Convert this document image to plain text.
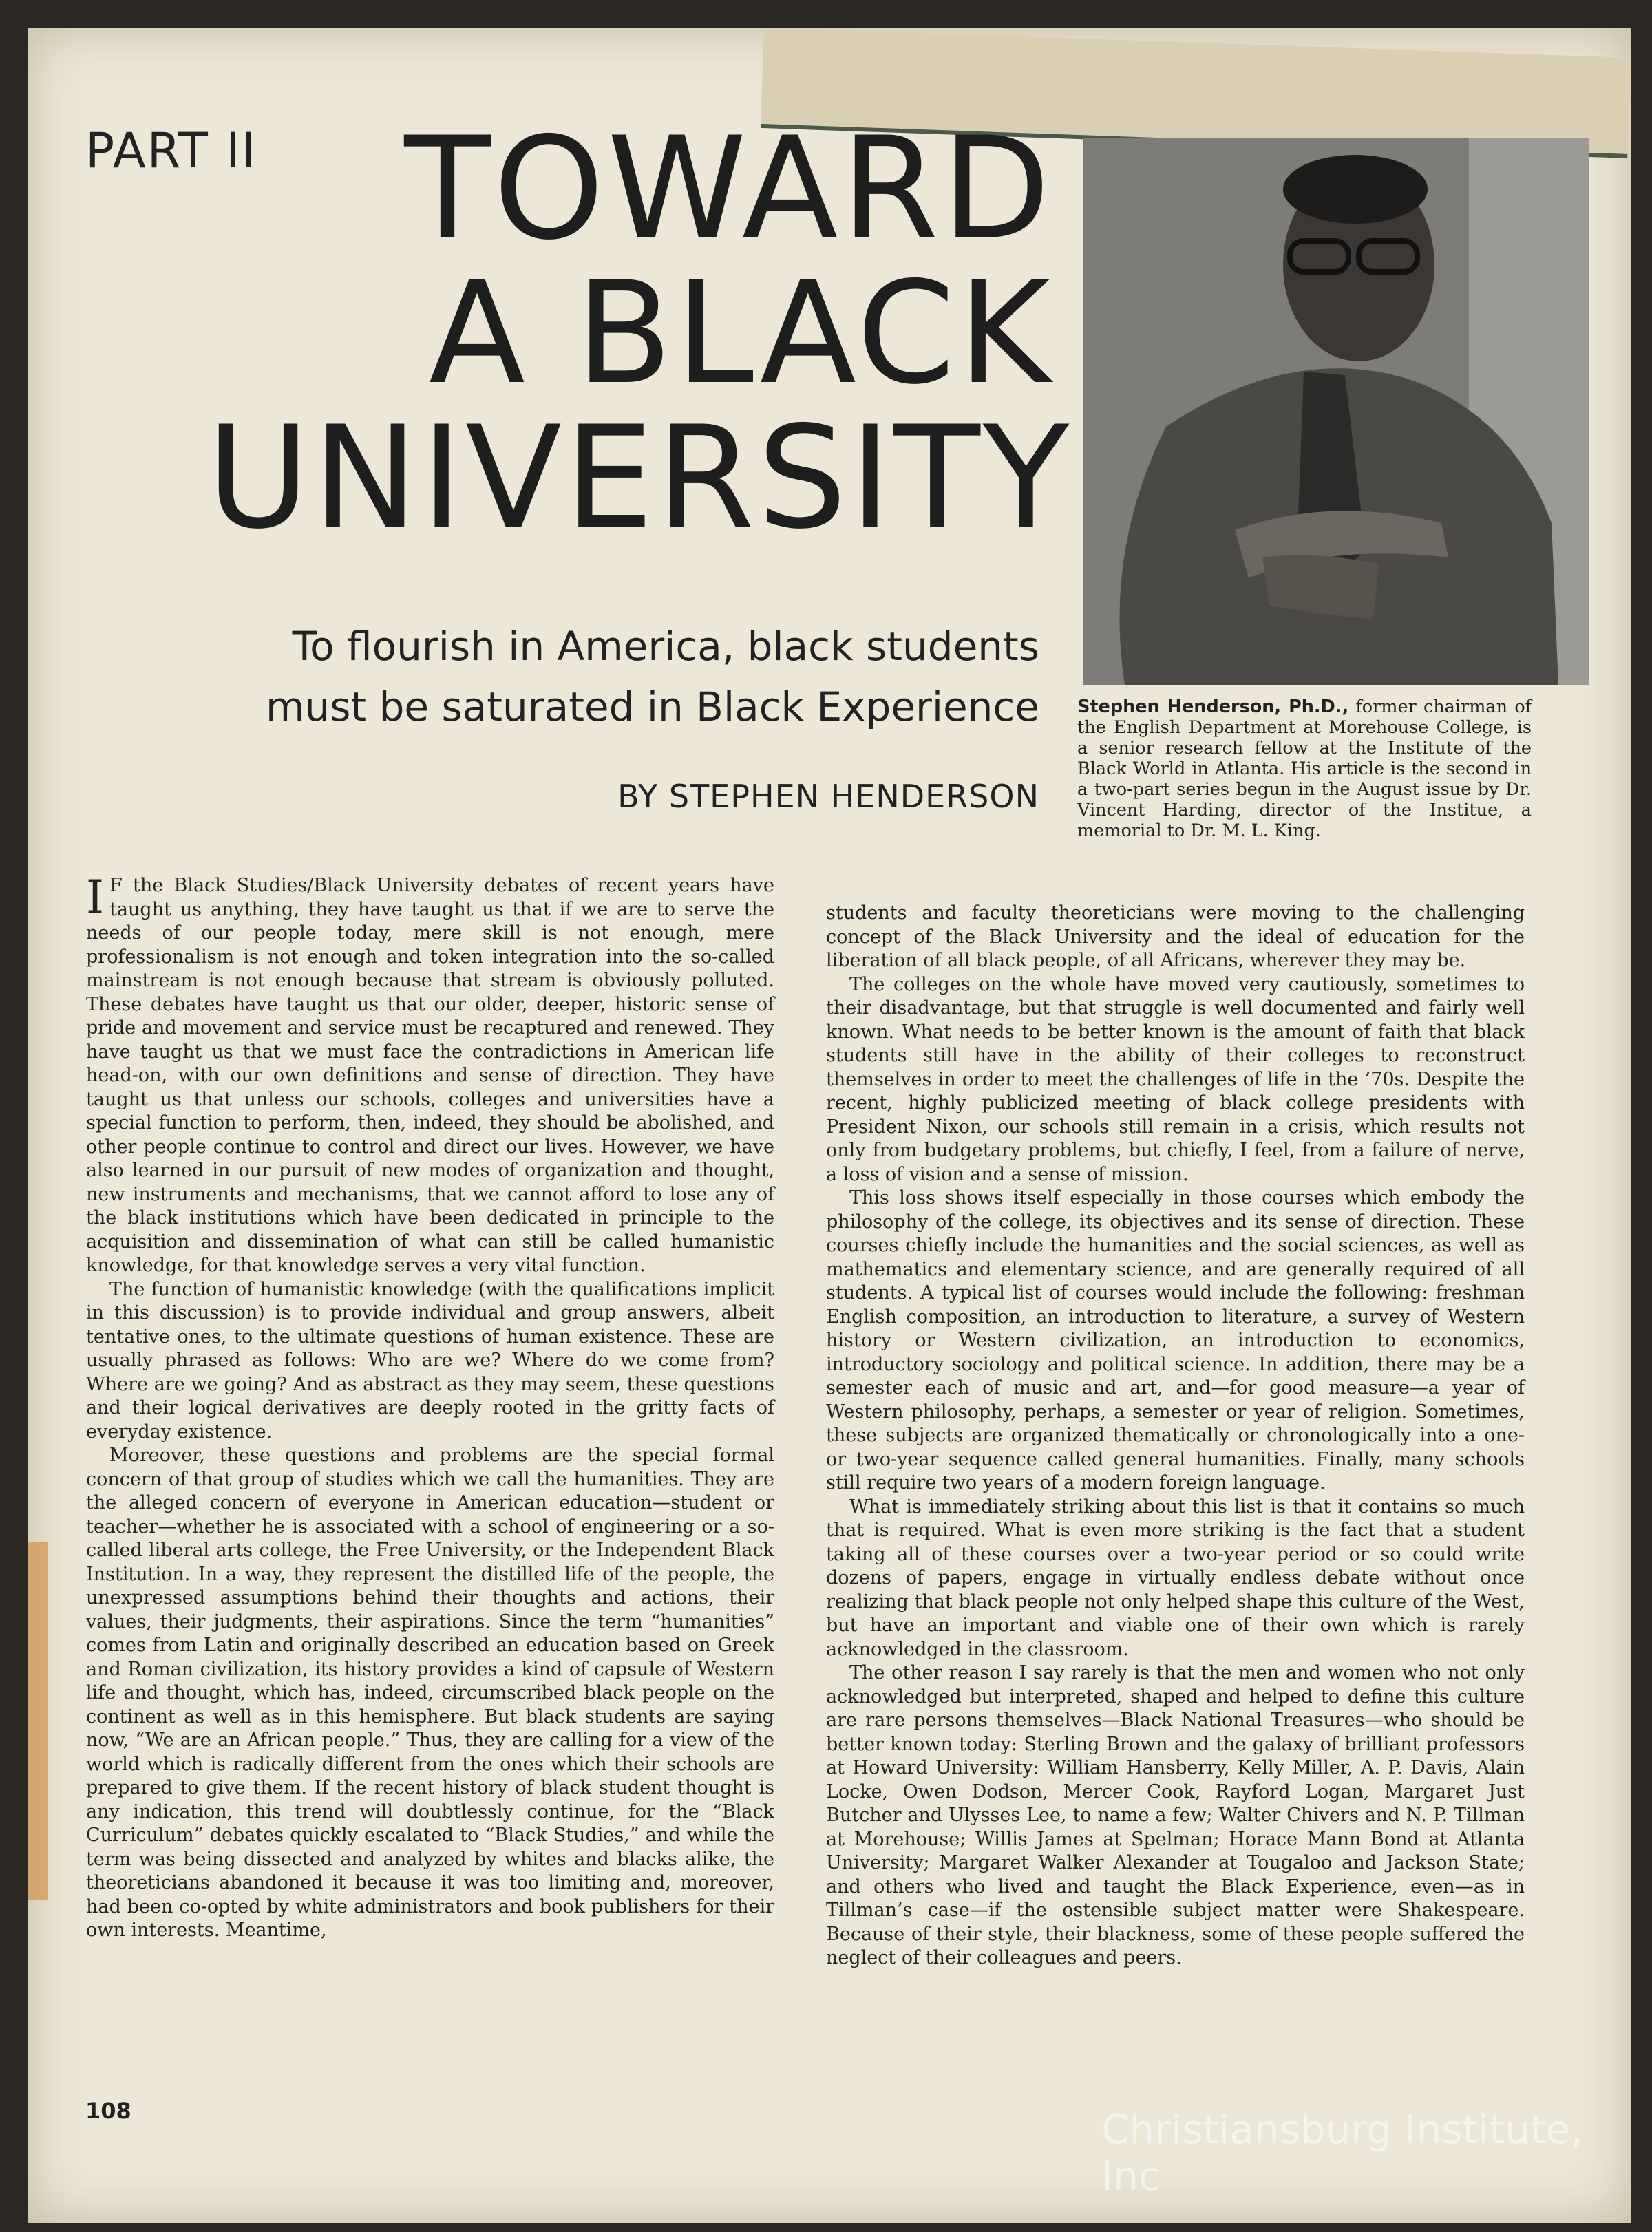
PART II	TOWARD
A BLACK
UNIVERSITY
To flourish in America, black students
must be saturated in Black Experience
BY STEPHEN HENDERSON
Stephen Henderson, Ph.D., former chairman of the English Department at Morehouse College, is a senior research fellow at the Institute of the Black World in Atlanta. His article is the second in a two-part series begun in the August issue by Dr. Vincent Harding, director of the Institue, a memorial to Dr. M. L. King.

I F the Black Studies/Black University debates of recent years have taught us anything, they have taught us that if we are to serve the needs of our people today, mere skill is not enough, mere professionalism is not enough and token integration into the so-called mainstream is not enough because that stream is obviously polluted. These debates have taught us that our older, deeper, historic sense of pride and movement and service must be recaptured and renewed. They have taught us that we must face the contradictions in American life head-on, with our own definitions and sense of direction. They have taught us that unless our schools, colleges and universities have a special function to perform, then, indeed, they should be abolished, and other people continue to control and direct our lives. However, we have also learned in our pursuit of new modes of organization and thought, new instruments and mechanisms, that we cannot afford to lose any of the black institutions which have been dedicated in principle to the acquisition and dissemination of what can still be called humanistic knowledge, for that knowledge serves a very vital function.

The function of humanistic knowledge (with the qualifications implicit in this discussion) is to provide individual and group answers, albeit tentative ones, to the ultimate questions of human existence. These are usually phrased as follows: Who are we? Where do we come from? Where are we going? And as abstract as they may seem, these questions and their logical derivatives are deeply rooted in the gritty facts of everyday existence.

Moreover, these questions and problems are the special formal concern of that group of studies which we call the humanities. They are the alleged concern of everyone in American education—student or teacher—whether he is associated with a school of engineering or a so-called liberal arts college, the Free University, or the Independent Black Institution. In a way, they represent the distilled life of the people, the unexpressed assumptions behind their thoughts and actions, their values, their judgments, their aspirations. Since the term “humanities” comes from Latin and originally described an education based on Greek and Roman civilization, its history provides a kind of capsule of Western life and thought, which has, indeed, circumscribed black people on the continent as well as in this hemisphere. But black students are saying now, “We are an African people.” Thus, they are calling for a view of the world which is radically different from the ones which their schools are prepared to give them. If the recent history of black student thought is any indication, this trend will doubtlessly continue, for the “Black Curriculum” debates quickly escalated to “Black Studies,” and while the term was being dissected and analyzed by whites and blacks alike, the theoreticians abandoned it because it was too limiting and, moreover, had been co-opted by white administrators and book publishers for their own interests. Meantime,

students and faculty theoreticians were moving to the challenging concept of the Black University and the ideal of education for the liberation of all black people, of all Africans, wherever they may be.

The colleges on the whole have moved very cautiously, sometimes to their disadvantage, but that struggle is well documented and fairly well known. What needs to be better known is the amount of faith that black students still have in the ability of their colleges to reconstruct themselves in order to meet the challenges of life in the ’70s. Despite the recent, highly publicized meeting of black college presidents with President Nixon, our schools still remain in a crisis, which results not only from budgetary problems, but chiefly, I feel, from a failure of nerve, a loss of vision and a sense of mission.

This loss shows itself especially in those courses which embody the philosophy of the college, its objectives and its sense of direction. These courses chiefly include the humanities and the social sciences, as well as mathematics and elementary science, and are generally required of all students. A typical list of courses would include the following: freshman English composition, an introduction to literature, a survey of Western history or Western civilization, an introduction to economics, introductory sociology and political science. In addition, there may be a semester each of music and art, and—for good measure—a year of Western philosophy, perhaps, a semester or year of religion. Sometimes, these subjects are organized thematically or chronologically into a one- or two-year sequence called general humanities. Finally, many schools still require two years of a modern foreign language.

What is immediately striking about this list is that it contains so much that is required. What is even more striking is the fact that a student taking all of these courses over a two-year period or so could write dozens of papers, engage in virtually endless debate without once realizing that black people not only helped shape this culture of the West, but have an important and viable one of their own which is rarely acknowledged in the classroom.

The other reason I say rarely is that the men and women who not only acknowledged but interpreted, shaped and helped to define this culture are rare persons themselves—Black National Treasures—who should be better known today: Sterling Brown and the galaxy of brilliant professors at Howard University: William Hansberry, Kelly Miller, A. P. Davis, Alain Locke, Owen Dodson, Mercer Cook, Rayford Logan, Margaret Just Butcher and Ulysses Lee, to name a few; Walter Chivers and N. P. Tillman at Morehouse; Willis James at Spelman; Horace Mann Bond at Atlanta University; Margaret Walker Alexander at Tougaloo and Jackson State; and others who lived and taught the Black Experience, even—as in Tillman’s case—if the ostensible subject matter were Shakespeare. Because of their style, their blackness, some of these people suffered the neglect of their colleagues and peers.

108	Christiansburg Institute, Inc
